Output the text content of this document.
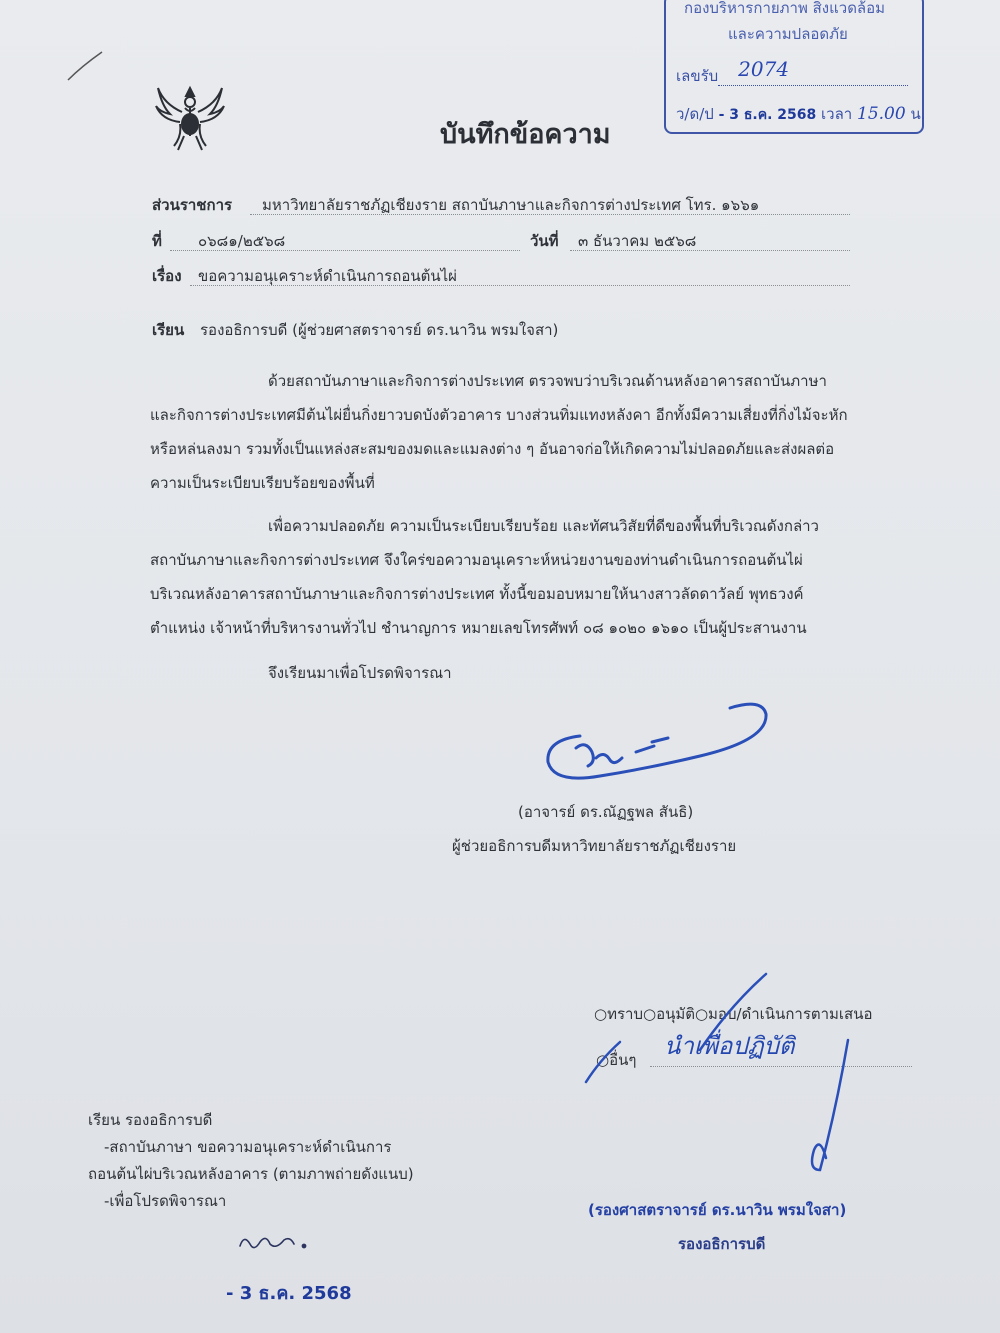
กองบริหารกายภาพ สิ่งแวดล้อม
และความปลอดภัย
เลขรับ 2074

ว/ด/ป - 3 ธ.ค. 2568 เวลา 15.00 น.
บันทึกข้อความ
ส่วนราชการ มหาวิทยาลัยราชภัฏเชียงราย สถาบันภาษาและกิจการต่างประเทศ โทร. ๑๖๖๑
ที่ ๐๖๘๑/๒๕๖๘	วันที่ ๓ ธันวาคม ๒๕๖๘
เรื่อง ขอความอนุเคราะห์ดำเนินการถอนต้นไผ่
เรียน รองอธิการบดี (ผู้ช่วยศาสตราจารย์ ดร.นาวิน พรมใจสา)
ด้วยสถาบันภาษาและกิจการต่างประเทศ ตรวจพบว่าบริเวณด้านหลังอาคารสถาบันภาษา
และกิจการต่างประเทศมีต้นไผ่ยื่นกิ่งยาวบดบังตัวอาคาร บางส่วนทิ่มแทงหลังคา อีกทั้งมีความเสี่ยงที่กิ่งไม้จะหัก
หรือหล่นลงมา รวมทั้งเป็นแหล่งสะสมของมดและแมลงต่าง ๆ อันอาจก่อให้เกิดความไม่ปลอดภัยและส่งผลต่อ
ความเป็นระเบียบเรียบร้อยของพื้นที่
เพื่อความปลอดภัย ความเป็นระเบียบเรียบร้อย และทัศนวิสัยที่ดีของพื้นที่บริเวณดังกล่าว
สถาบันภาษาและกิจการต่างประเทศ จึงใคร่ขอความอนุเคราะห์หน่วยงานของท่านดำเนินการถอนต้นไผ่
บริเวณหลังอาคารสถาบันภาษาและกิจการต่างประเทศ ทั้งนี้ขอมอบหมายให้นางสาวลัดดาวัลย์ พุทธวงค์
ตำแหน่ง เจ้าหน้าที่บริหารงานทั่วไป ชำนาญการ หมายเลขโทรศัพท์ ๐๘ ๑๐๒๐ ๑๖๑๐ เป็นผู้ประสานงาน
จึงเรียนมาเพื่อโปรดพิจารณา
(อาจารย์ ดร.ณัฏฐพล สันธิ)
ผู้ช่วยอธิการบดีมหาวิทยาลัยราชภัฏเชียงราย
○ทราบ○อนุมัติ○มอบ/ดำเนินการตามเสนอ
○อื่นๆ นำเพื่อปฏิบัติ
(รองศาสตราจารย์ ดร.นาวิน พรมใจสา)
รองอธิการบดี
เรียน รองอธิการบดี
-สถาบันภาษา ขอความอนุเคราะห์ดำเนินการ
ถอนต้นไผ่บริเวณหลังอาคาร (ตามภาพถ่ายดังแนบ)
-เพื่อโปรดพิจารณา
- 3 ธ.ค. 2568
